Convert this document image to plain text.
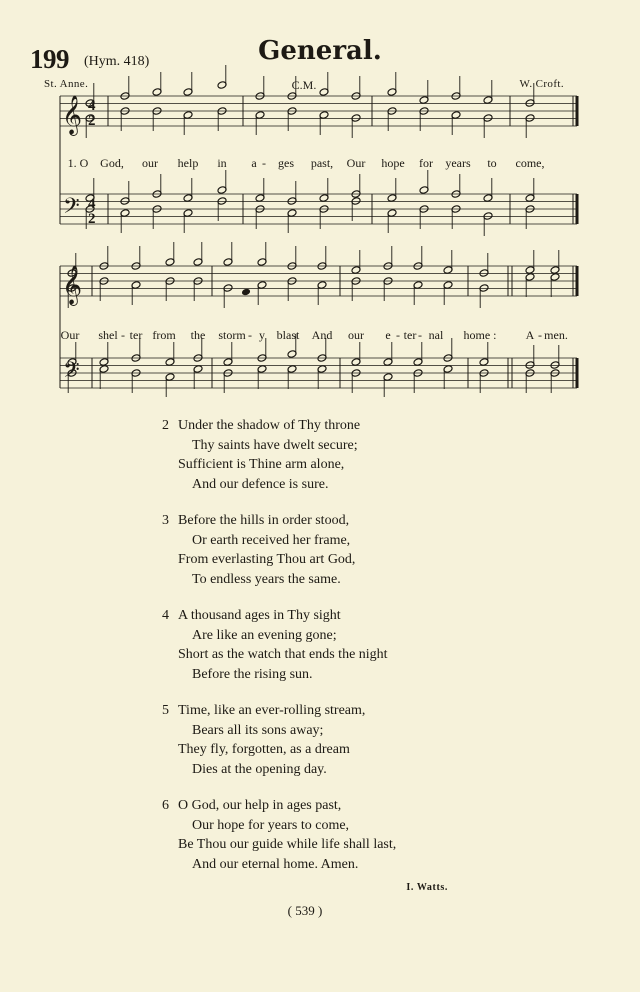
199 (Hym. 418)	General.
St. Anne.	C.M.	W. Croft.
𝄞
𝄢
4
2
4
2
𝄞
𝄢
1. O God, our help in a - ges past, Our hope for years to come,
Our shel - ter from the storm - y blast And our e - ter - nal home : A - men.
2 Under the shadow of Thy throne
Thy saints have dwelt secure;
Sufficient is Thine arm alone,
And our defence is sure.
3 Before the hills in order stood,
Or earth received her frame,
From everlasting Thou art God,
To endless years the same.
4 A thousand ages in Thy sight
Are like an evening gone;
Short as the watch that ends the night
Before the rising sun.
5 Time, like an ever-rolling stream,
Bears all its sons away;
They fly, forgotten, as a dream
Dies at the opening day.
6 O God, our help in ages past,
Our hope for years to come,
Be Thou our guide while life shall last,
And our eternal home. Amen.
I. Watts.
( 539 )
